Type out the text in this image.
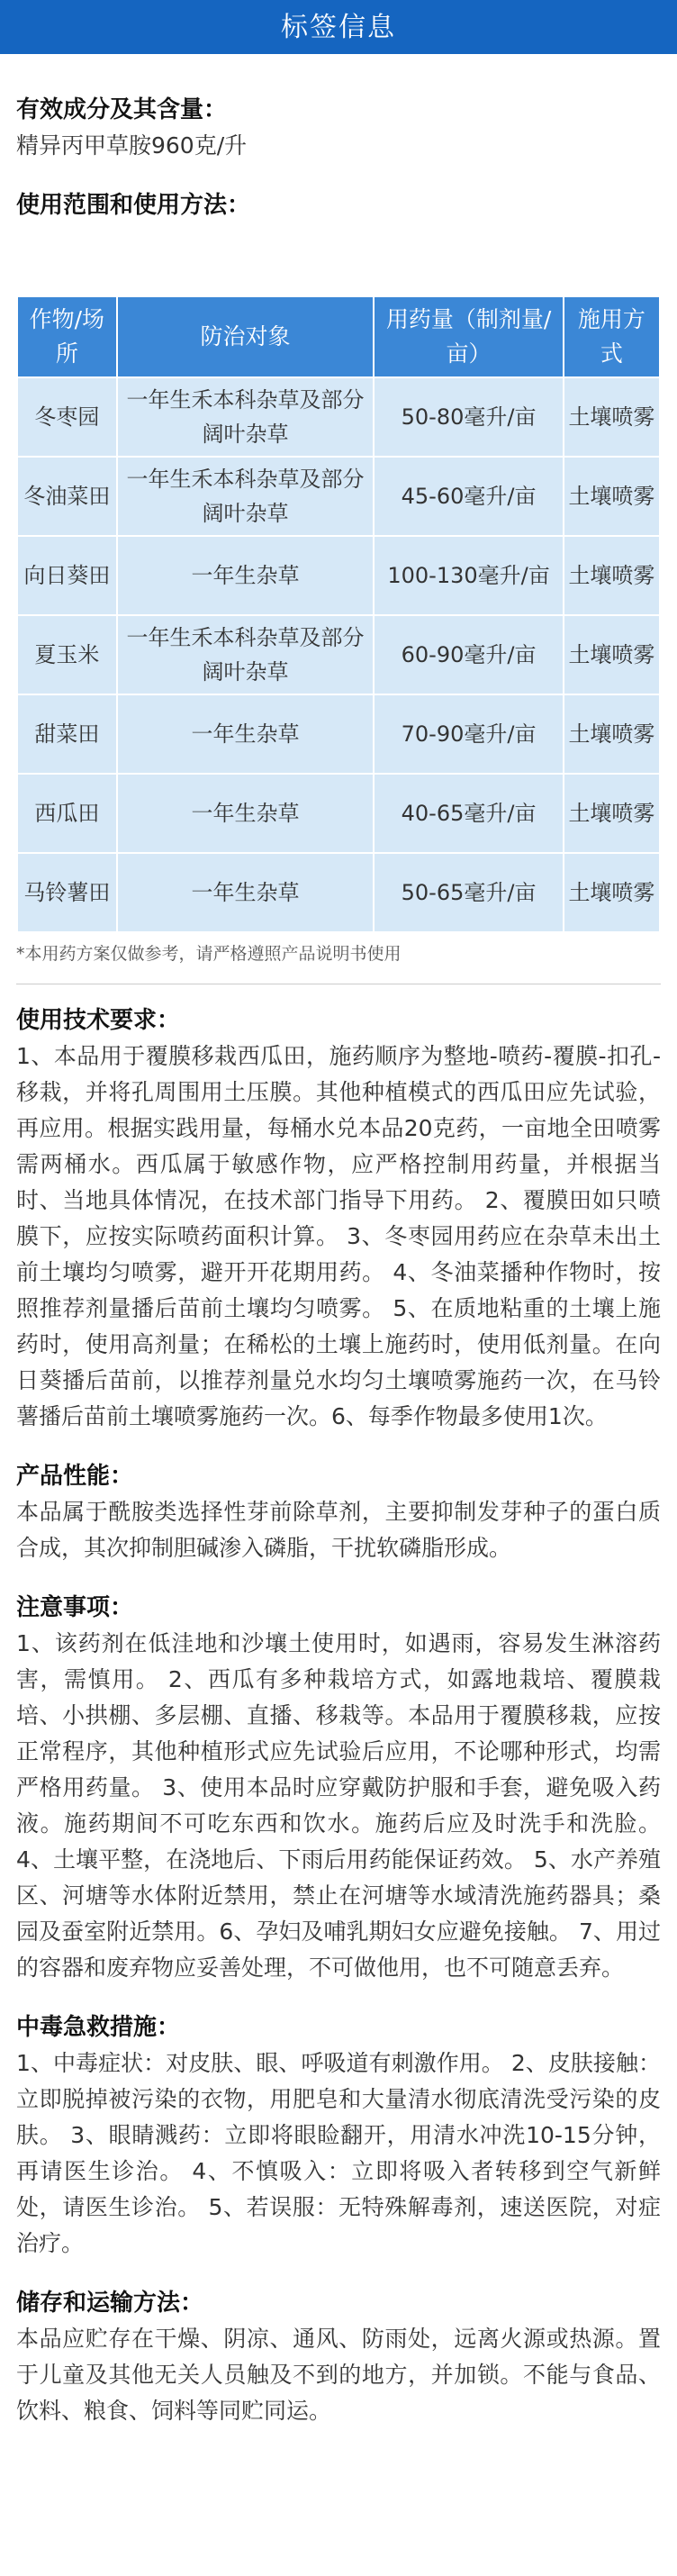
标签信息
有效成分及其含量：
精异丙甲草胺960克/升
使用范围和使用方法：
作物/场所	防治对象	用药量（制剂量/亩）	施用方式
冬枣园	一年生禾本科杂草及部分阔叶杂草	50-80毫升/亩	土壤喷雾
冬油菜田	一年生禾本科杂草及部分阔叶杂草	45-60毫升/亩	土壤喷雾
向日葵田	一年生杂草	100-130毫升/亩	土壤喷雾
夏玉米	一年生禾本科杂草及部分阔叶杂草	60-90毫升/亩	土壤喷雾
甜菜田	一年生杂草	70-90毫升/亩	土壤喷雾
西瓜田	一年生杂草	40-65毫升/亩	土壤喷雾
马铃薯田	一年生杂草	50-65毫升/亩	土壤喷雾
*本用药方案仅做参考，请严格遵照产品说明书使用
使用技术要求：
1、本品用于覆膜移栽西瓜田，施药顺序为整地-喷药-覆膜-扣孔-移栽，并将孔周围用土压膜。其他种植模式的西瓜田应先试验，再应用。根据实践用量，每桶水兑本品20克药，一亩地全田喷雾需两桶水。西瓜属于敏感作物，应严格控制用药量，并根据当时、当地具体情况，在技术部门指导下用药。 2、覆膜田如只喷膜下，应按实际喷药面积计算。 3、冬枣园用药应在杂草未出土前土壤均匀喷雾，避开开花期用药。 4、冬油菜播种作物时，按照推荐剂量播后苗前土壤均匀喷雾。 5、在质地粘重的土壤上施药时，使用高剂量；在稀松的土壤上施药时，使用低剂量。在向日葵播后苗前，以推荐剂量兑水均匀土壤喷雾施药一次，在马铃薯播后苗前土壤喷雾施药一次。6、每季作物最多使用1次。
产品性能：
本品属于酰胺类选择性芽前除草剂，主要抑制发芽种子的蛋白质合成，其次抑制胆碱渗入磷脂，干扰软磷脂形成。
注意事项：
1、该药剂在低洼地和沙壤土使用时，如遇雨，容易发生淋溶药害，需慎用。 2、西瓜有多种栽培方式，如露地栽培、覆膜栽培、小拱棚、多层棚、直播、移栽等。本品用于覆膜移栽，应按正常程序，其他种植形式应先试验后应用，不论哪种形式，均需严格用药量。 3、使用本品时应穿戴防护服和手套，避免吸入药液。施药期间不可吃东西和饮水。施药后应及时洗手和洗脸。 4、土壤平整，在浇地后、下雨后用药能保证药效。 5、水产养殖区、河塘等水体附近禁用，禁止在河塘等水域清洗施药器具；桑园及蚕室附近禁用。6、孕妇及哺乳期妇女应避免接触。 7、用过的容器和废弃物应妥善处理，不可做他用，也不可随意丢弃。
中毒急救措施：
1、中毒症状：对皮肤、眼、呼吸道有刺激作用。 2、皮肤接触：立即脱掉被污染的衣物，用肥皂和大量清水彻底清洗受污染的皮肤。 3、眼睛溅药：立即将眼睑翻开，用清水冲洗10-15分钟，再请医生诊治。 4、不慎吸入：立即将吸入者转移到空气新鲜处，请医生诊治。 5、若误服：无特殊解毒剂，速送医院，对症治疗。
储存和运输方法：
本品应贮存在干燥、阴凉、通风、防雨处，远离火源或热源。置于儿童及其他无关人员触及不到的地方，并加锁。不能与食品、饮料、粮食、饲料等同贮同运。
